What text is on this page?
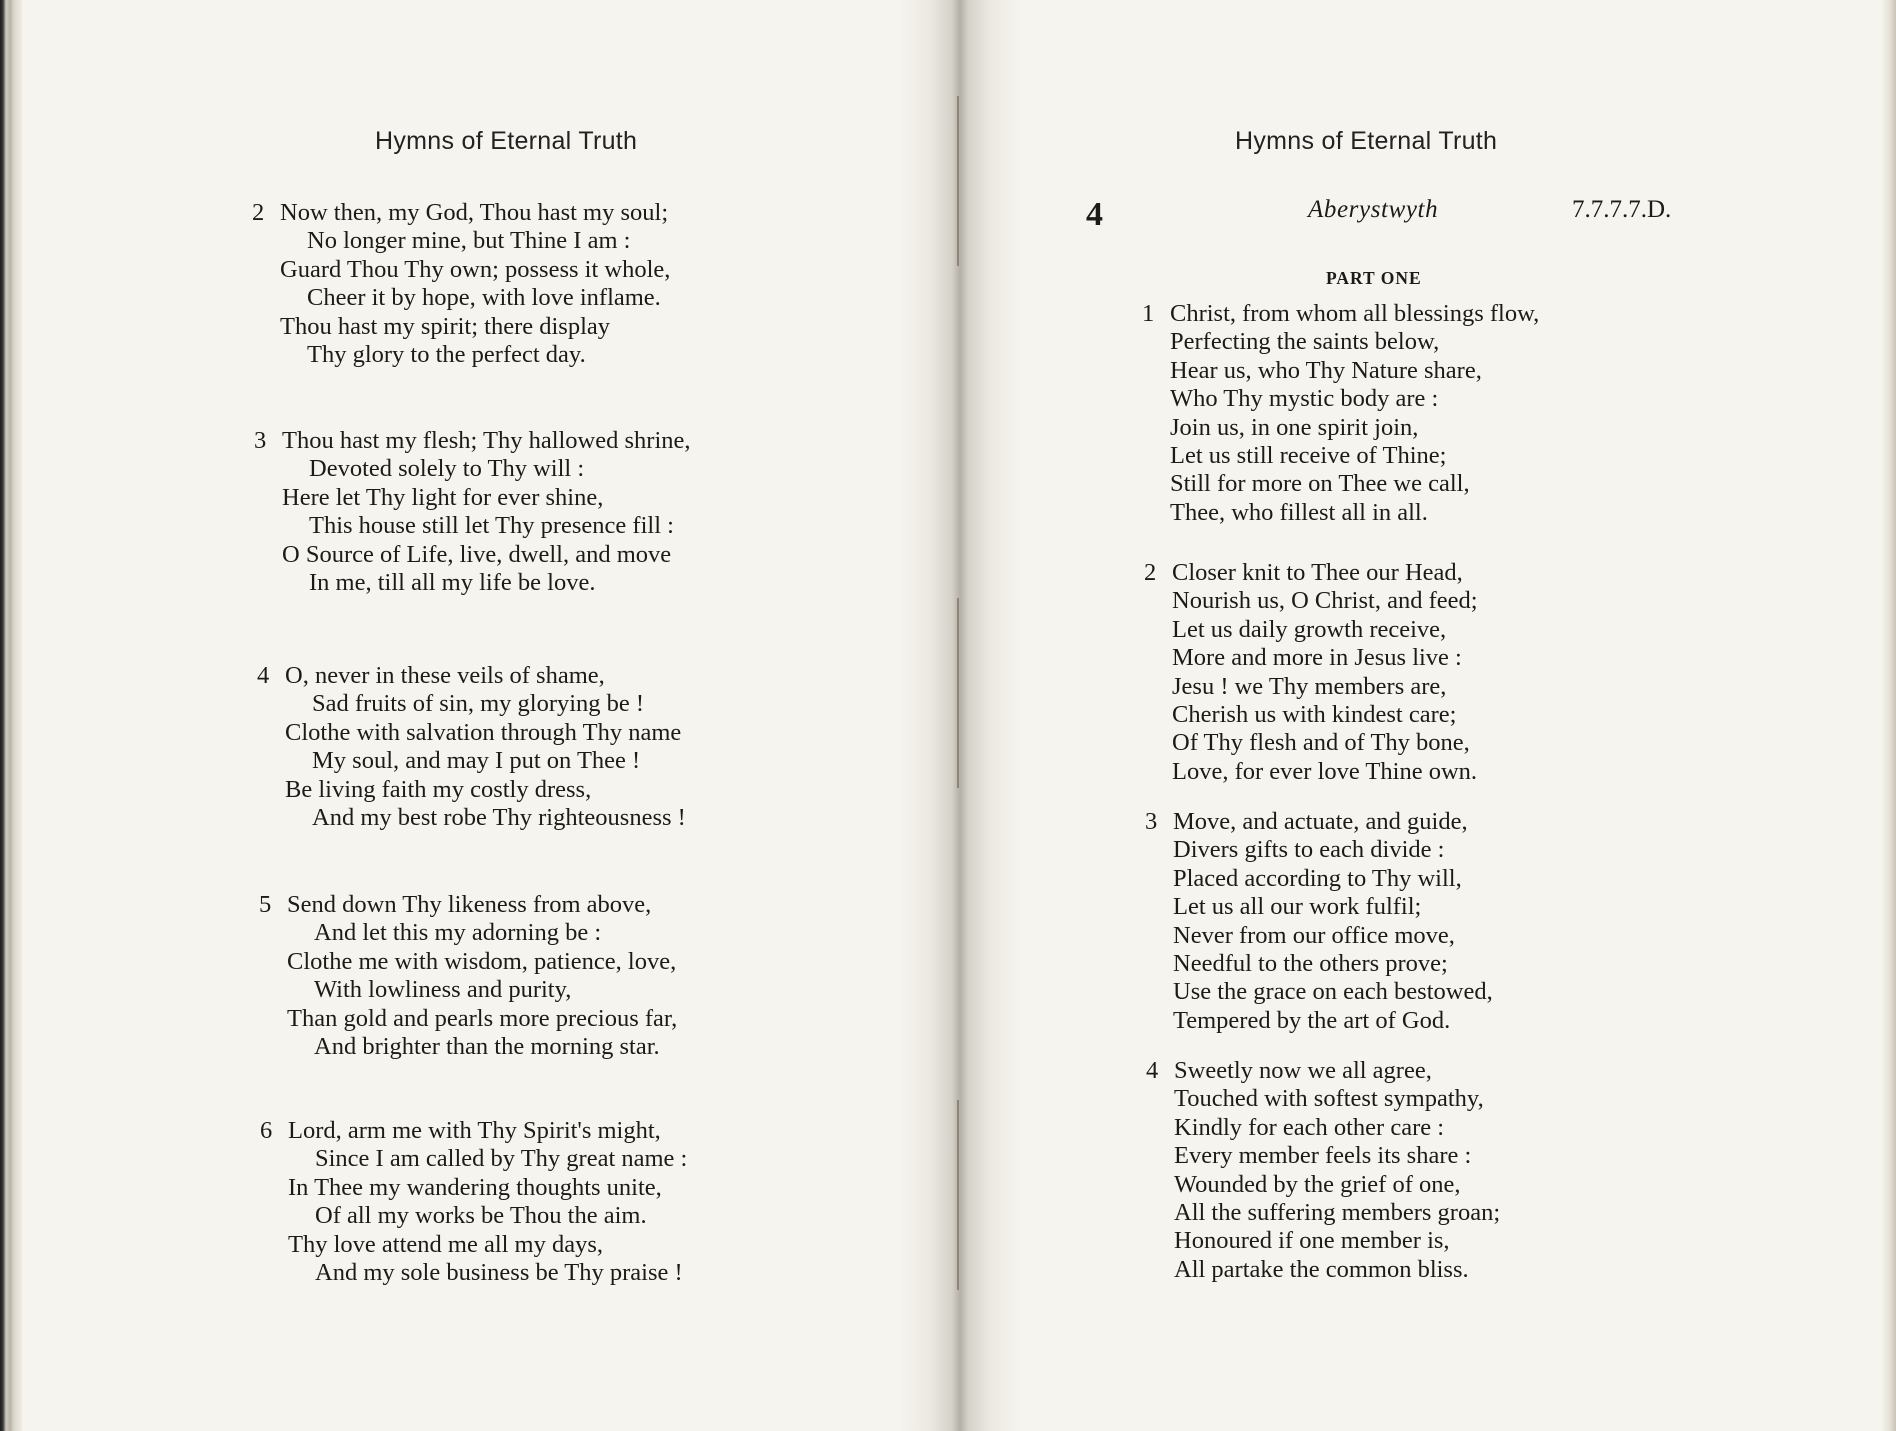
Hymns of Eternal Truth
2 Now then, my God, Thou hast my soul;
No longer mine, but Thine I am :
Guard Thou Thy own; possess it whole,
Cheer it by hope, with love inflame.
Thou hast my spirit; there display
Thy glory to the perfect day.
3 Thou hast my flesh; Thy hallowed shrine,
Devoted solely to Thy will :
Here let Thy light for ever shine,
This house still let Thy presence fill :
O Source of Life, live, dwell, and move
In me, till all my life be love.
4 O, never in these veils of shame,
Sad fruits of sin, my glorying be !
Clothe with salvation through Thy name
My soul, and may I put on Thee !
Be living faith my costly dress,
And my best robe Thy righteousness !
5 Send down Thy likeness from above,
And let this my adorning be :
Clothe me with wisdom, patience, love,
With lowliness and purity,
Than gold and pearls more precious far,
And brighter than the morning star.
6 Lord, arm me with Thy Spirit's might,
Since I am called by Thy great name :
In Thee my wandering thoughts unite,
Of all my works be Thou the aim.
Thy love attend me all my days,
And my sole business be Thy praise !
Hymns of Eternal Truth
4	Aberystwyth	7.7.7.7.D.
PART ONE
1 Christ, from whom all blessings flow,
Perfecting the saints below,
Hear us, who Thy Nature share,
Who Thy mystic body are :
Join us, in one spirit join,
Let us still receive of Thine;
Still for more on Thee we call,
Thee, who fillest all in all.
2 Closer knit to Thee our Head,
Nourish us, O Christ, and feed;
Let us daily growth receive,
More and more in Jesus live :
Jesu ! we Thy members are,
Cherish us with kindest care;
Of Thy flesh and of Thy bone,
Love, for ever love Thine own.
3 Move, and actuate, and guide,
Divers gifts to each divide :
Placed according to Thy will,
Let us all our work fulfil;
Never from our office move,
Needful to the others prove;
Use the grace on each bestowed,
Tempered by the art of God.
4 Sweetly now we all agree,
Touched with softest sympathy,
Kindly for each other care :
Every member feels its share :
Wounded by the grief of one,
All the suffering members groan;
Honoured if one member is,
All partake the common bliss.
